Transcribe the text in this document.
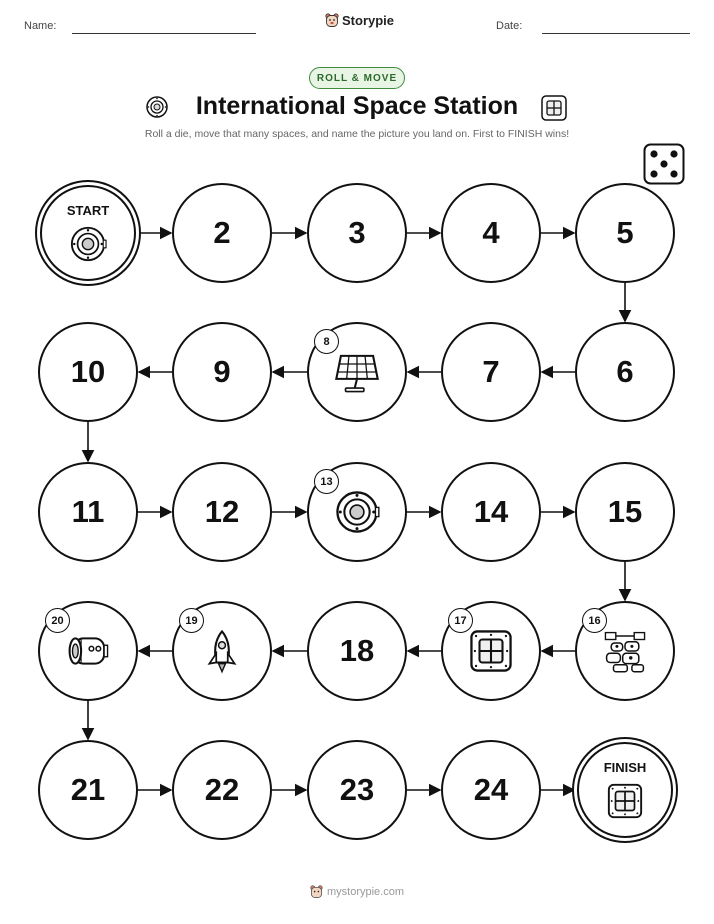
Name:	Storypie	Date:
ROLL & MOVE
International Space Station
Roll a die, move that many spaces, and name the picture you land on. First to FINISH wins!
START
2	3	4	5
6
7
8
9
10
11	12
13
14	15
16
17
18
19
20
21	22	23	24
FINISH
mystorypie.com
